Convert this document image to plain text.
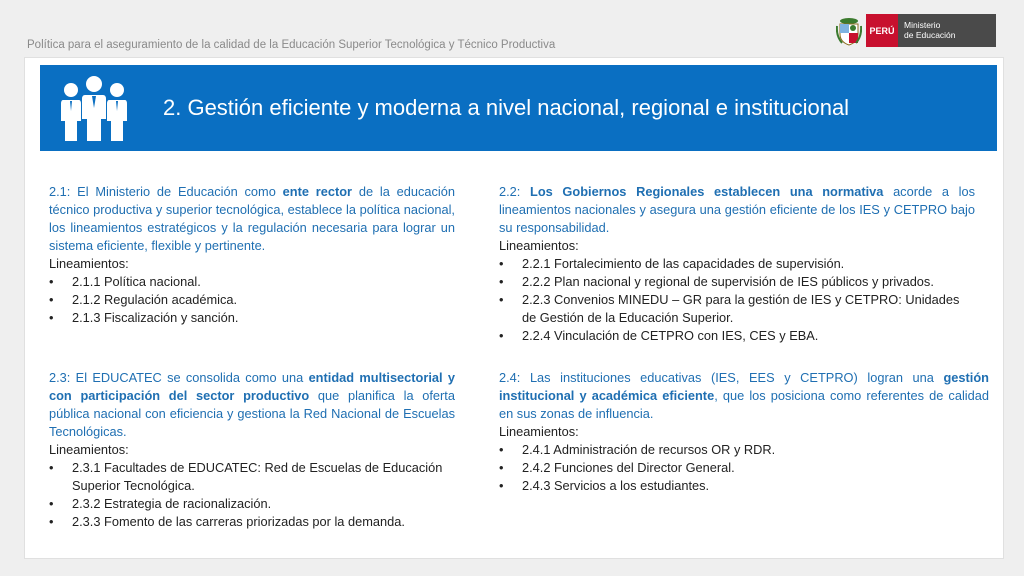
Política para el aseguramiento de la calidad de la Educación Superior Tecnológica y Técnico Productiva
PERÚ
Ministerio
de Educación
2. Gestión eficiente y moderna a nivel nacional, regional e institucional

2.1: El Ministerio de Educación como ente rector de la educación técnico productiva y superior tecnológica, establece la política nacional, los lineamientos estratégicos y la regulación necesaria para lograr un sistema eficiente, flexible y pertinente.

Lineamientos:
• 2.1.1 Política nacional.
• 2.1.2 Regulación académica.
• 2.1.3 Fiscalización y sanción.

2.2: Los Gobiernos Regionales establecen una normativa acorde a los lineamientos nacionales y asegura una gestión eficiente de los IES y CETPRO bajo su responsabilidad.

Lineamientos:
• 2.2.1 Fortalecimiento de las capacidades de supervisión.
• 2.2.2 Plan nacional y regional de supervisión de IES públicos y privados.
• 2.2.3 Convenios MINEDU – GR para la gestión de IES y CETPRO: Unidades de Gestión de la Educación Superior.
• 2.2.4 Vinculación de CETPRO con IES, CES y EBA.

2.3: El EDUCATEC se consolida como una entidad multisectorial y con participación del sector productivo que planifica la oferta pública nacional con eficiencia y gestiona la Red Nacional de Escuelas Tecnológicas.

Lineamientos:
• 2.3.1 Facultades de EDUCATEC: Red de Escuelas de Educación Superior Tecnológica.
• 2.3.2 Estrategia de racionalización.
• 2.3.3 Fomento de las carreras priorizadas por la demanda.

2.4: Las instituciones educativas (IES, EES y CETPRO) logran una gestión institucional y académica eficiente, que los posiciona como referentes de calidad en sus zonas de influencia.

Lineamientos:
• 2.4.1 Administración de recursos OR y RDR.
• 2.4.2 Funciones del Director General.
• 2.4.3 Servicios a los estudiantes.
